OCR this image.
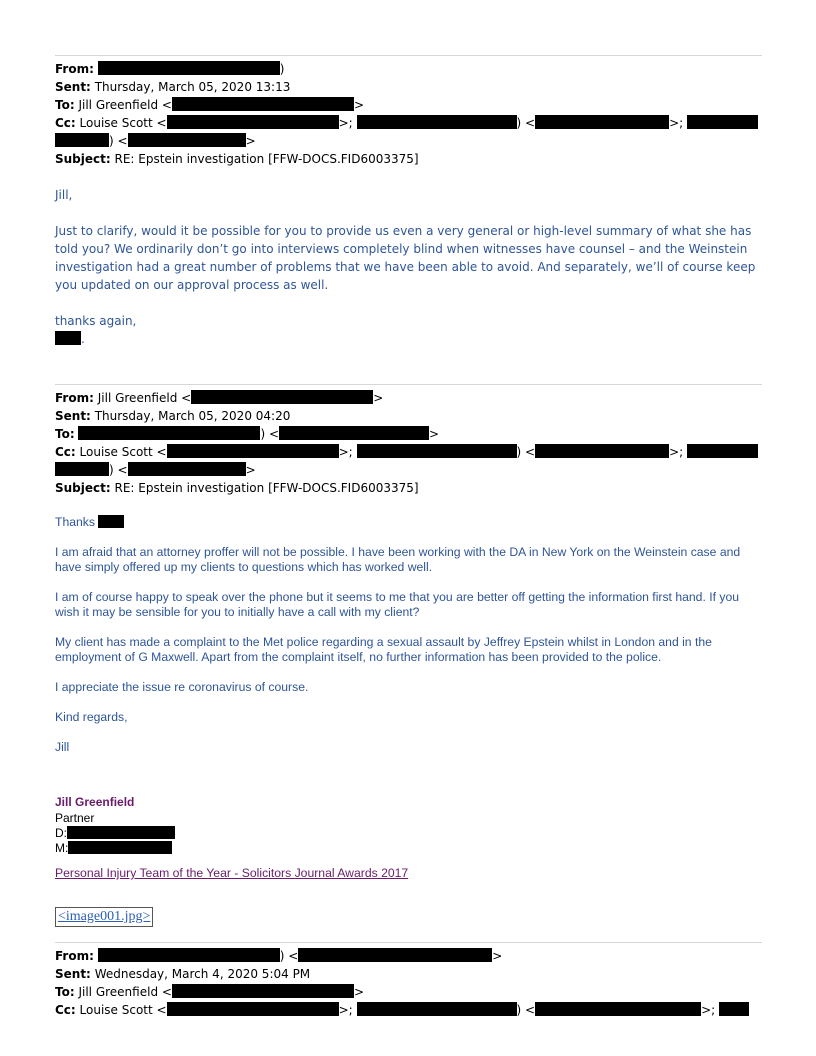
From:	)
Sent: Thursday, March 05, 2020 13:13
To: Jill Greenfield <	>
Cc: Louise Scott <	>;	) <	>;
) <	>
Subject: RE: Epstein investigation [FFW-DOCS.FID6003375]
Jill,
Just to clarify, would it be possible for you to provide us even a very general or high-level summary of what she has told you? We ordinarily don’t go into interviews completely blind when witnesses have counsel – and the Weinstein investigation had a great number of problems that we have been able to avoid. And separately, we’ll of course keep you updated on our approval process as well.
thanks again,
.
From: Jill Greenfield <	>
Sent: Thursday, March 05, 2020 04:20
To:	) <	>
Cc: Louise Scott <	>;	) <	>;
) <	>
Subject: RE: Epstein investigation [FFW-DOCS.FID6003375]
Thanks
I am afraid that an attorney proffer will not be possible. I have been working with the DA in New York on the Weinstein case and have simply offered up my clients to questions which has worked well.
I am of course happy to speak over the phone but it seems to me that you are better off getting the information first hand. If you wish it may be sensible for you to initially have a call with my client?
My client has made a complaint to the Met police regarding a sexual assault by Jeffrey Epstein whilst in London and in the employment of G Maxwell. Apart from the complaint itself, no further information has been provided to the police.
I appreciate the issue re coronavirus of course.
Kind regards,
Jill
Jill Greenfield
Partner
D:
M:
Personal Injury Team of the Year - Solicitors Journal Awards 2017
<image001.jpg>
From:	) <	>
Sent: Wednesday, March 4, 2020 5:04 PM
To: Jill Greenfield <	>
Cc: Louise Scott <	>;	) <	>;
